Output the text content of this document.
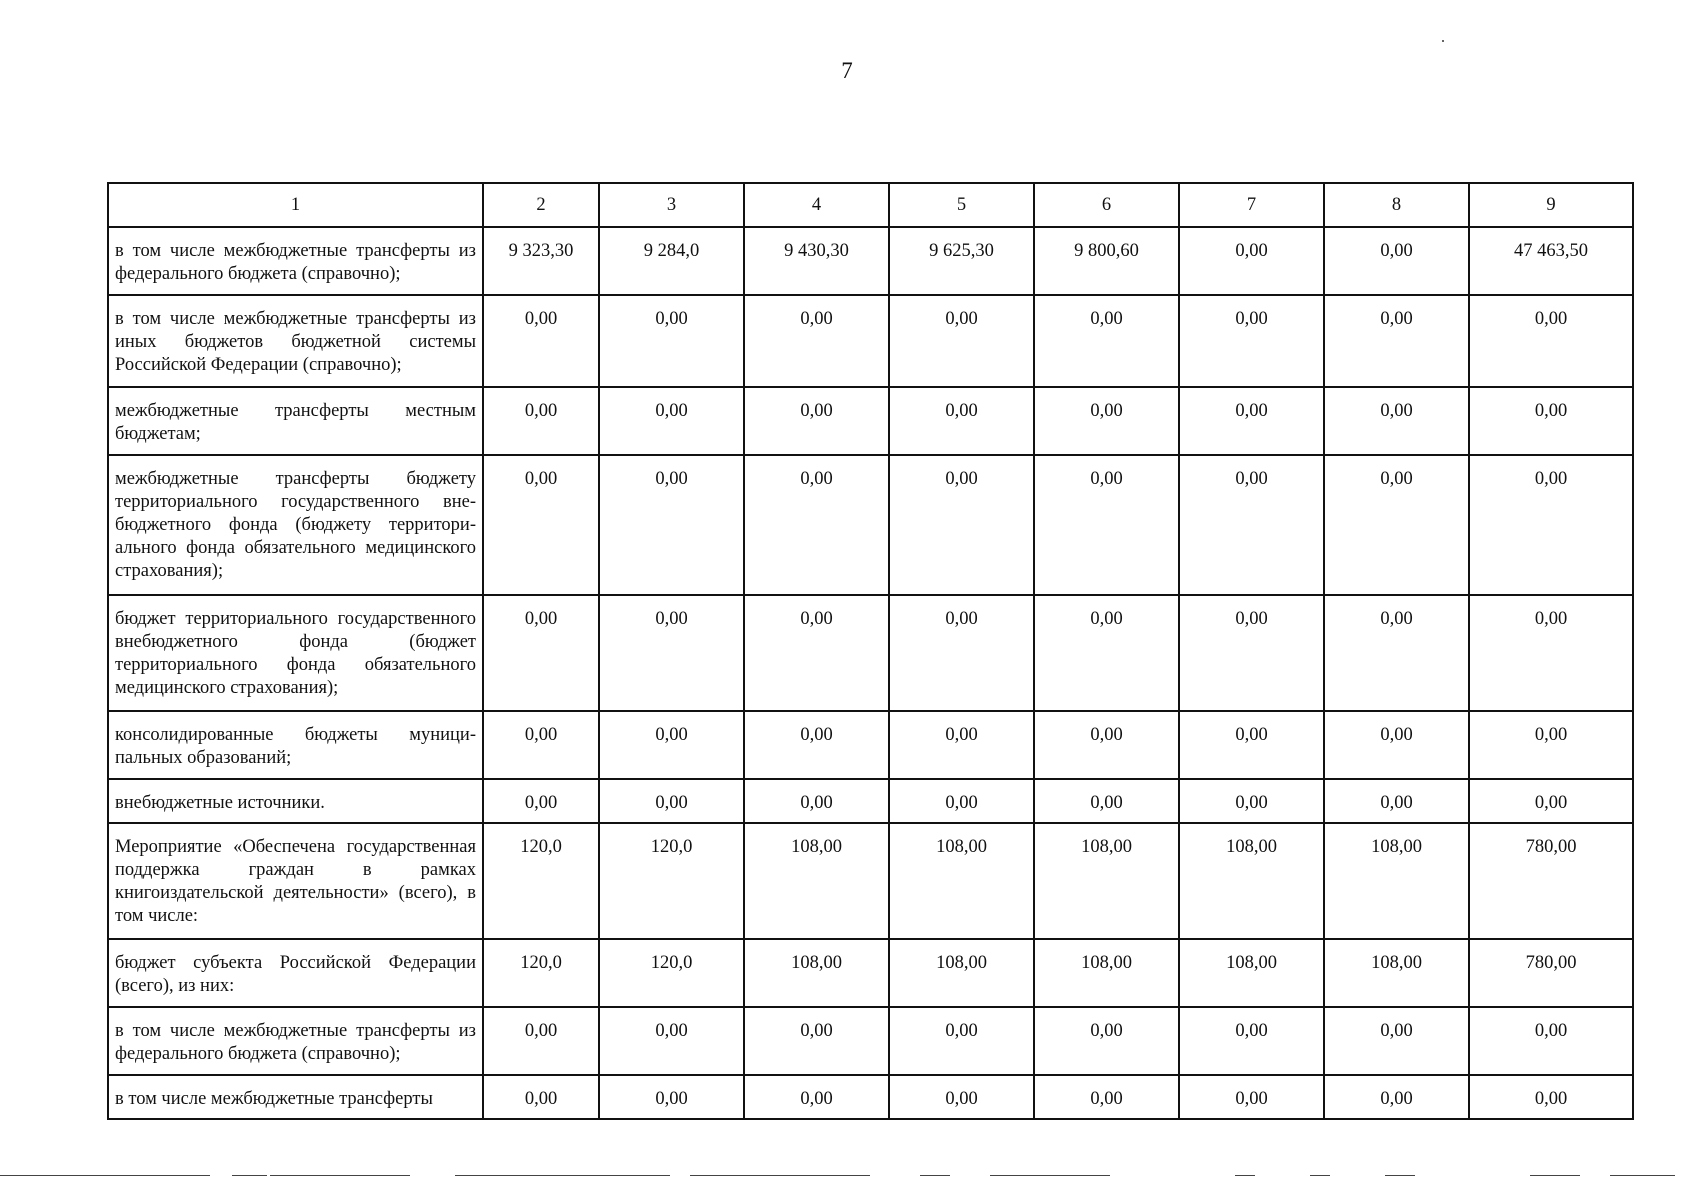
7
1	2	3	4	5	6	7	8	9
в том числе межбюджетные трансферты из федерального бюджета (справочно);	9 323,30	9 284,0	9 430,30	9 625,30	9 800,60	0,00	0,00	47 463,50
в том числе межбюджетные трансферты из иных бюджетов бюджетной системы Российской Федерации (справочно);	0,00	0,00	0,00	0,00	0,00	0,00	0,00	0,00
межбюджетные трансферты местным бюджетам;	0,00	0,00	0,00	0,00	0,00	0,00	0,00	0,00
межбюджетные трансферты бюджету территориального государственного внебюджетного фонда (бюджету территориального фонда обязательного медицинского страхования);	0,00	0,00	0,00	0,00	0,00	0,00	0,00	0,00
бюджет территориального государственного внебюджетного фонда (бюджет территориального фонда обязательного медицинского страхования);	0,00	0,00	0,00	0,00	0,00	0,00	0,00	0,00
консолидированные бюджеты муниципальных образований;	0,00	0,00	0,00	0,00	0,00	0,00	0,00	0,00
внебюджетные источники.	0,00	0,00	0,00	0,00	0,00	0,00	0,00	0,00
Мероприятие «Обеспечена государственная поддержка граждан в рамках книгоиздательской деятельности» (всего), в том числе:	120,0	120,0	108,00	108,00	108,00	108,00	108,00	780,00
бюджет субъекта Российской Федерации (всего), из них:	120,0	120,0	108,00	108,00	108,00	108,00	108,00	780,00
в том числе межбюджетные трансферты из федерального бюджета (справочно);	0,00	0,00	0,00	0,00	0,00	0,00	0,00	0,00
в том числе межбюджетные трансферты	0,00	0,00	0,00	0,00	0,00	0,00	0,00	0,00
